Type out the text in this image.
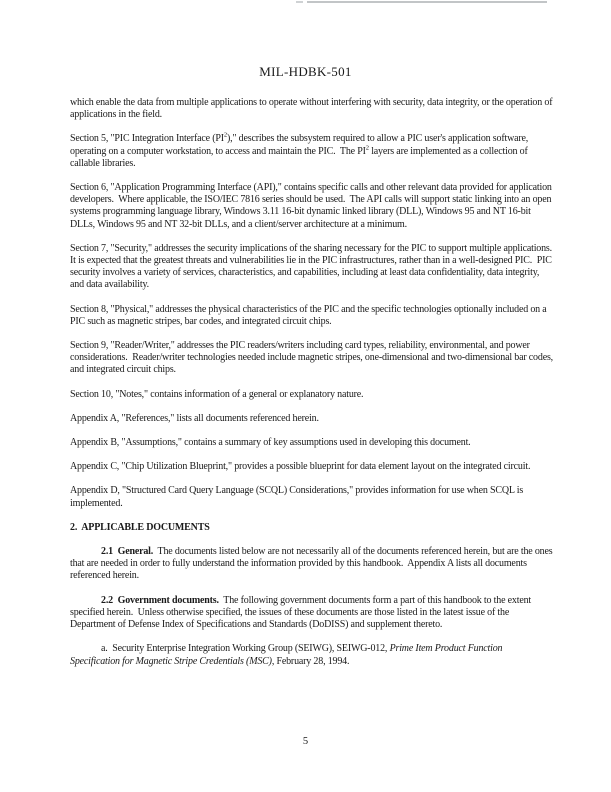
MIL-HDBK-501

which enable the data from multiple applications to operate without interfering with security, data integrity, or the operation of applications in the field.

Section 5, "PIC Integration Interface $(PI^2)$," describes the subsystem required to allow a PIC user's application software, operating on a computer workstation, to access and maintain the PIC.  The $PI^2$ layers are implemented as a collection of callable libraries.

Section 6, "Application Programming Interface (API)," contains specific calls and other relevant data provided for application developers.  Where applicable, the ISO/IEC 7816 series should be used.  The API calls will support static linking into an open systems programming language library, Windows 3.11 16-bit dynamic linked library (DLL), Windows 95 and NT 16-bit DLLs, Windows 95 and NT 32-bit DLLs, and a client/server architecture at a minimum.

Section 7, "Security," addresses the security implications of the sharing necessary for the PIC to support multiple applications.  It is expected that the greatest threats and vulnerabilities lie in the PIC infrastructures, rather than in a well-designed PIC.  PIC security involves a variety of services, characteristics, and capabilities, including at least data confidentiality, data integrity, and data availability.

Section 8, "Physical," addresses the physical characteristics of the PIC and the specific technologies optionally included on a PIC such as magnetic stripes, bar codes, and integrated circuit chips.

Section 9, "Reader/Writer," addresses the PIC readers/writers including card types, reliability, environmental, and power considerations.  Reader/writer technologies needed include magnetic stripes, one-dimensional and two-dimensional bar codes, and integrated circuit chips.

Section 10, "Notes," contains information of a general or explanatory nature.

Appendix A, "References," lists all documents referenced herein.

Appendix B, "Assumptions," contains a summary of key assumptions used in developing this document.

Appendix C, "Chip Utilization Blueprint," provides a possible blueprint for data element layout on the integrated circuit.

Appendix D, "Structured Card Query Language (SCQL) Considerations," provides information for use when SCQL is implemented.

2.  APPLICABLE DOCUMENTS

2.1  General.  The documents listed below are not necessarily all of the documents referenced herein, but are the ones that are needed in order to fully understand the information provided by this handbook.  Appendix A lists all documents referenced herein.

2.2  Government documents.  The following government documents form a part of this handbook to the extent specified herein.  Unless otherwise specified, the issues of these documents are those listed in the latest issue of the Department of Defense Index of Specifications and Standards (DoDISS) and supplement thereto.

a.  Security Enterprise Integration Working Group (SEIWG), SEIWG-012, Prime Item Product Function Specification for Magnetic Stripe Credentials (MSC), February 28, 1994.

5
